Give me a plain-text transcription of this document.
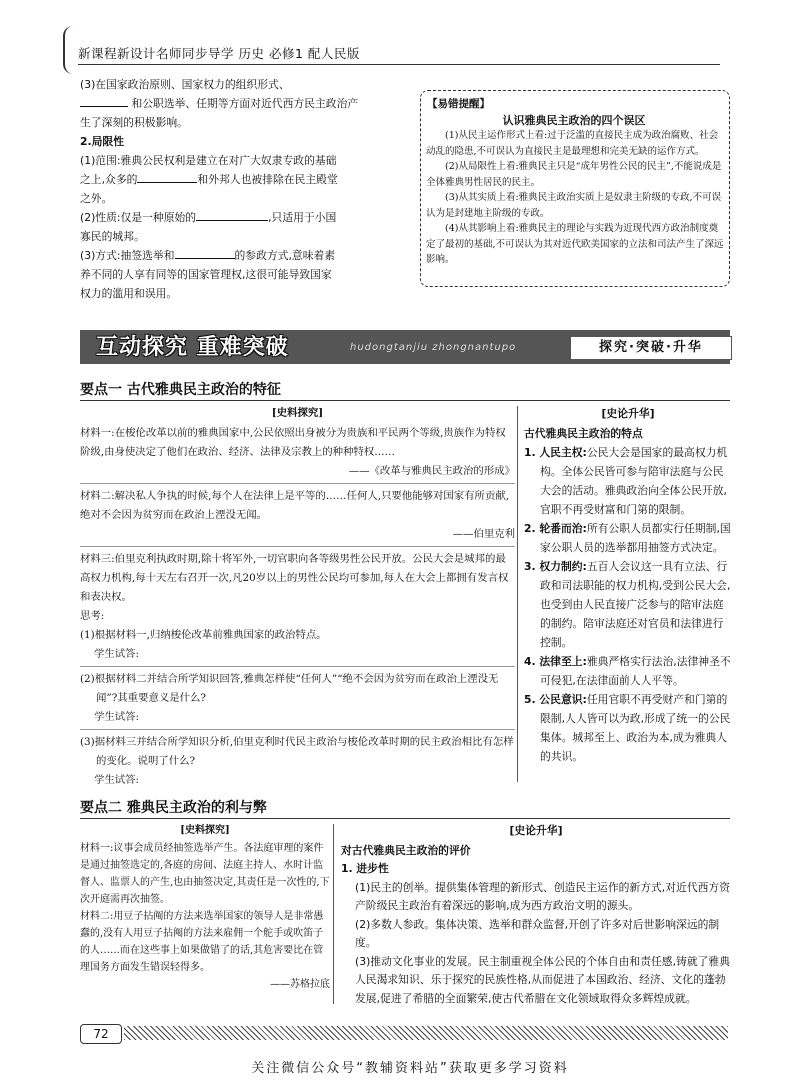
新课程新设计名师同步导学 历史 必修1 配人民版

(3)在国家政治原则、国家权力的组织形式、

和公职选举、任期等方面对近代西方民主政治产

生了深刻的积极影响。

2.局限性

(1)范围:雅典公民权利是建立在对广大奴隶专政的基础

之上,众多的	和外邦人也被排除在民主殿堂

之外。

(2)性质:仅是一种原始的	,只适用于小国

寡民的城邦。

(3)方式:抽签选举和	的参政方式,意味着素

养不同的人享有同等的国家管理权,这很可能导致国家

权力的滥用和误用。

【易错提醒】
认识雅典民主政治的四个误区

(1)从民主运作形式上看:过于泛滥的直接民主成为政治腐败、社会动乱的隐患,不可误认为直接民主是最理想和完美无缺的运作方式。

(2)从局限性上看:雅典民主只是“成年男性公民的民主”,不能说成是全体雅典男性居民的民主。

(3)从其实质上看:雅典民主政治实质上是奴隶主阶级的专政,不可误认为是封建地主阶级的专政。

(4)从其影响上看:雅典民主的理论与实践为近现代西方政治制度奠定了最初的基础,不可误认为其对近代欧美国家的立法和司法产生了深远影响。

互动探究 重难突破	hudongtanjiu zhongnantupo	探究·突破·升华
要点一 古代雅典民主政治的特征

[史料探究]

材料一:在梭伦改革以前的雅典国家中,公民依照出身被分为贵族和平民两个等级,贵族作为特权阶级,由身使决定了他们在政治、经济、法律及宗教上的种种特权……

——《改革与雅典民主政治的形成》

材料二:解决私人争执的时候,每个人在法律上是平等的……任何人,只要他能够对国家有所贡献,绝对不会因为贫穷而在政治上湮没无闻。

——伯里克利

材料三:伯里克利执政时期,除十将军外,一切官职向各等级男性公民开放。公民大会是城邦的最高权力机构,每十天左右召开一次,凡20岁以上的男性公民均可参加,每人在大会上都拥有发言权和表决权。

思考:

(1)根据材料一,归纳梭伦改革前雅典国家的政治特点。

学生试答:

(2)根据材料二并结合所学知识回答,雅典怎样使“任何人”“绝不会因为贫穷而在政治上湮没无闻”?其重要意义是什么?

学生试答:

(3)据材料三并结合所学知识分析,伯里克利时代民主政治与梭伦改革时期的民主政治相比有怎样的变化。说明了什么?

学生试答:

[史论升华]

古代雅典民主政治的特点

1. 人民主权:公民大会是国家的最高权力机构。全体公民皆可参与陪审法庭与公民大会的活动。雅典政治向全体公民开放,官职不再受财富和门第的限制。

2. 轮番而治:所有公职人员都实行任期制,国家公职人员的选举都用抽签方式决定。

3. 权力制约:五百人会议这一具有立法、行政和司法职能的权力机构,受到公民大会,也受到由人民直接广泛参与的陪审法庭的制约。陪审法庭还对官员和法律进行控制。

4. 法律至上:雅典严格实行法治,法律神圣不可侵犯,在法律面前人人平等。

5. 公民意识:任用官职不再受财产和门第的限制,人人皆可以为政,形成了统一的公民集体。城邦至上、政治为本,成为雅典人的共识。

要点二 雅典民主政治的利与弊

[史料探究]

材料一:议事会成员经抽签选举产生。各法庭审理的案件是通过抽签选定的,各庭的房间、法庭主持人、水时计监督人、监票人的产生,也由抽签决定,其责任是一次性的,下次开庭需再次抽签。

材料二:用豆子拈阄的方法来选举国家的领导人是非常愚蠢的,没有人用豆子拈阄的方法来雇佣一个舵手或吹笛子的人……而在这些事上如果做错了的话,其危害要比在管理国务方面发生错误轻得多。

——苏格拉底

[史论升华]

对古代雅典民主政治的评价

1. 进步性

(1)民主的创举。提供集体管理的新形式、创造民主运作的新方式,对近代西方资产阶级民主政治有着深远的影响,成为西方政治文明的源头。

(2)多数人参政。集体决策、选举和群众监督,开创了许多对后世影响深远的制度。

(3)推动文化事业的发展。民主制重视全体公民的个体自由和责任感,铸就了雅典人民渴求知识、乐于探究的民族性格,从而促进了本国政治、经济、文化的蓬勃发展,促进了希腊的全面繁荣,使古代希腊在文化领域取得众多辉煌成就。

72
关注微信公众号“教辅资料站”获取更多学习资料
